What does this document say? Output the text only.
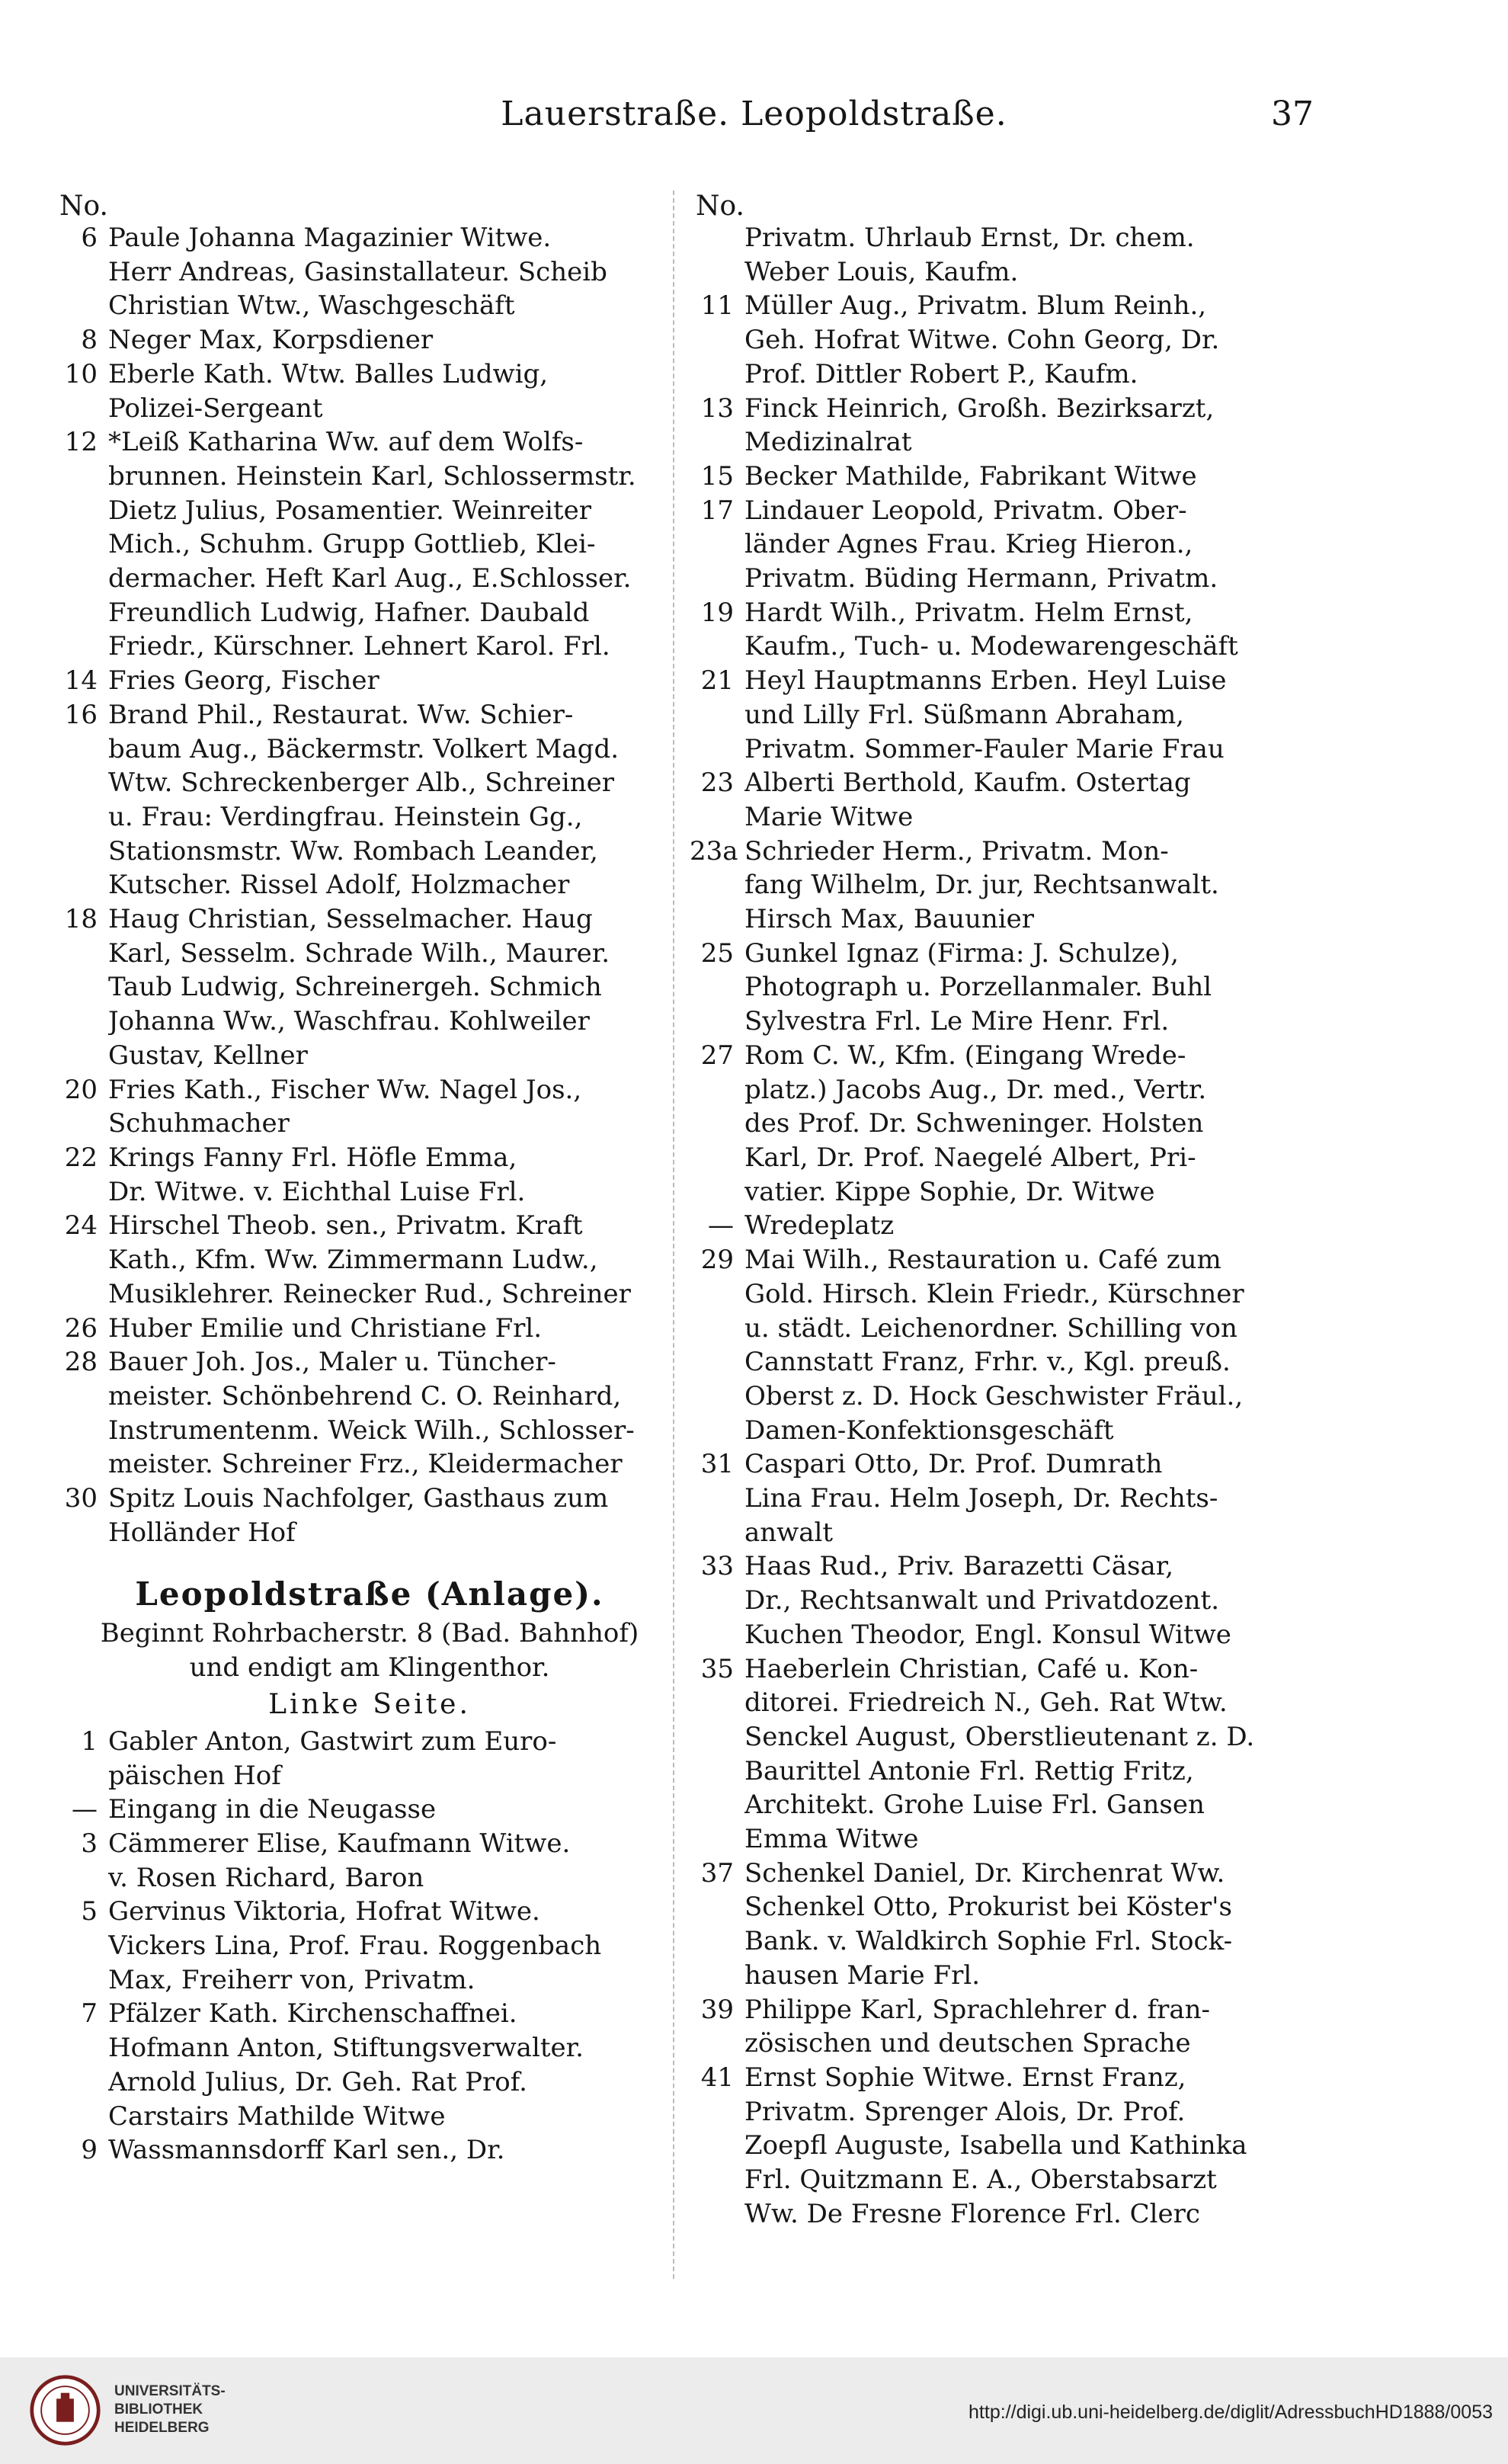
Lauerstraße. Leopoldstraße.	37
No.
6 Paule Johanna Magazinier Witwe.
Herr Andreas, Gasinstallateur. Scheib
Christian Wtw., Waschgeschäft
8 Neger Max, Korpsdiener
10 Eberle Kath. Wtw. Balles Ludwig,
Polizei-Sergeant
12 *Leiß Katharina Ww. auf dem Wolfs-
brunnen. Heinstein Karl, Schlossermstr.
Dietz Julius, Posamentier. Weinreiter
Mich., Schuhm. Grupp Gottlieb, Klei-
dermacher. Heft Karl Aug., E.Schlosser.
Freundlich Ludwig, Hafner. Daubald
Friedr., Kürschner. Lehnert Karol. Frl.
14 Fries Georg, Fischer
16 Brand Phil., Restaurat. Ww. Schier-
baum Aug., Bäckermstr. Volkert Magd.
Wtw. Schreckenberger Alb., Schreiner
u. Frau: Verdingfrau. Heinstein Gg.,
Stationsmstr. Ww. Rombach Leander,
Kutscher. Rissel Adolf, Holzmacher
18 Haug Christian, Sesselmacher. Haug
Karl, Sesselm. Schrade Wilh., Maurer.
Taub Ludwig, Schreinergeh. Schmich
Johanna Ww., Waschfrau. Kohlweiler
Gustav, Kellner
20 Fries Kath., Fischer Ww. Nagel Jos.,
Schuhmacher
22 Krings Fanny Frl. Höfle Emma,
Dr. Witwe. v. Eichthal Luise Frl.
24 Hirschel Theob. sen., Privatm. Kraft
Kath., Kfm. Ww. Zimmermann Ludw.,
Musiklehrer. Reinecker Rud., Schreiner
26 Huber Emilie und Christiane Frl.
28 Bauer Joh. Jos., Maler u. Tüncher-
meister. Schönbehrend C. O. Reinhard,
Instrumentenm. Weick Wilh., Schlosser-
meister. Schreiner Frz., Kleidermacher
30 Spitz Louis Nachfolger, Gasthaus zum
Holländer Hof
Leopoldstraße (Anlage).
Beginnt Rohrbacherstr. 8 (Bad. Bahnhof)
und endigt am Klingenthor.
Linke Seite.
1 Gabler Anton, Gastwirt zum Euro-
päischen Hof
— Eingang in die Neugasse
3 Cämmerer Elise, Kaufmann Witwe.
v. Rosen Richard, Baron
5 Gervinus Viktoria, Hofrat Witwe.
Vickers Lina, Prof. Frau. Roggenbach
Max, Freiherr von, Privatm.
7 Pfälzer Kath. Kirchenschaffnei.
Hofmann Anton, Stiftungsverwalter.
Arnold Julius, Dr. Geh. Rat Prof.
Carstairs Mathilde Witwe
9 Wassmannsdorff Karl sen., Dr.
No.
Privatm. Uhrlaub Ernst, Dr. chem.
Weber Louis, Kaufm.
11 Müller Aug., Privatm. Blum Reinh.,
Geh. Hofrat Witwe. Cohn Georg, Dr.
Prof. Dittler Robert P., Kaufm.
13 Finck Heinrich, Großh. Bezirksarzt,
Medizinalrat
15 Becker Mathilde, Fabrikant Witwe
17 Lindauer Leopold, Privatm. Ober-
länder Agnes Frau. Krieg Hieron.,
Privatm. Büding Hermann, Privatm.
19 Hardt Wilh., Privatm. Helm Ernst,
Kaufm., Tuch- u. Modewarengeschäft
21 Heyl Hauptmanns Erben. Heyl Luise
und Lilly Frl. Süßmann Abraham,
Privatm. Sommer-Fauler Marie Frau
23 Alberti Berthold, Kaufm. Ostertag
Marie Witwe
23a Schrieder Herm., Privatm. Mon-
fang Wilhelm, Dr. jur, Rechtsanwalt.
Hirsch Max, Bauunier
25 Gunkel Ignaz (Firma: J. Schulze),
Photograph u. Porzellanmaler. Buhl
Sylvestra Frl. Le Mire Henr. Frl.
27 Rom C. W., Kfm. (Eingang Wrede-
platz.) Jacobs Aug., Dr. med., Vertr.
des Prof. Dr. Schweninger. Holsten
Karl, Dr. Prof. Naegelé Albert, Pri-
vatier. Kippe Sophie, Dr. Witwe
— Wredeplatz
29 Mai Wilh., Restauration u. Café zum
Gold. Hirsch. Klein Friedr., Kürschner
u. städt. Leichenordner. Schilling von
Cannstatt Franz, Frhr. v., Kgl. preuß.
Oberst z. D. Hock Geschwister Fräul.,
Damen-Konfektionsgeschäft
31 Caspari Otto, Dr. Prof. Dumrath
Lina Frau. Helm Joseph, Dr. Rechts-
anwalt
33 Haas Rud., Priv. Barazetti Cäsar,
Dr., Rechtsanwalt und Privatdozent.
Kuchen Theodor, Engl. Konsul Witwe
35 Haeberlein Christian, Café u. Kon-
ditorei. Friedreich N., Geh. Rat Wtw.
Senckel August, Oberstlieutenant z. D.
Baurittel Antonie Frl. Rettig Fritz,
Architekt. Grohe Luise Frl. Gansen
Emma Witwe
37 Schenkel Daniel, Dr. Kirchenrat Ww.
Schenkel Otto, Prokurist bei Köster's
Bank. v. Waldkirch Sophie Frl. Stock-
hausen Marie Frl.
39 Philippe Karl, Sprachlehrer d. fran-
zösischen und deutschen Sprache
41 Ernst Sophie Witwe. Ernst Franz,
Privatm. Sprenger Alois, Dr. Prof.
Zoepfl Auguste, Isabella und Kathinka
Frl. Quitzmann E. A., Oberstabsarzt
Ww. De Fresne Florence Frl. Clerc
UNIVERSITÄTS-
BIBLIOTHEK
HEIDELBERG
http://digi.ub.uni-heidelberg.de/diglit/AdressbuchHD1888/0053
